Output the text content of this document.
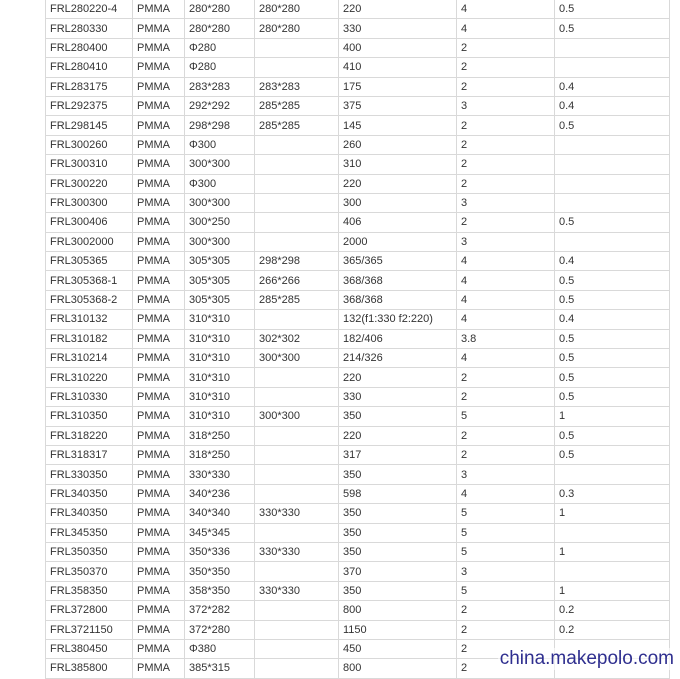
FRL280220-4	PMMA	280*280	280*280	220	4	0.5
FRL280330	PMMA	280*280	280*280	330	4	0.5
FRL280400	PMMA	Φ280		400	2	
FRL280410	PMMA	Φ280		410	2	
FRL283175	PMMA	283*283	283*283	175	2	0.4
FRL292375	PMMA	292*292	285*285	375	3	0.4
FRL298145	PMMA	298*298	285*285	145	2	0.5
FRL300260	PMMA	Φ300		260	2	
FRL300310	PMMA	300*300		310	2	
FRL300220	PMMA	Φ300		220	2	
FRL300300	PMMA	300*300		300	3	
FRL300406	PMMA	300*250		406	2	0.5
FRL3002000	PMMA	300*300		2000	3	
FRL305365	PMMA	305*305	298*298	365/365	4	0.4
FRL305368-1	PMMA	305*305	266*266	368/368	4	0.5
FRL305368-2	PMMA	305*305	285*285	368/368	4	0.5
FRL310132	PMMA	310*310		132(f1:330 f2:220)	4	0.4
FRL310182	PMMA	310*310	302*302	182/406	3.8	0.5
FRL310214	PMMA	310*310	300*300	214/326	4	0.5
FRL310220	PMMA	310*310		220	2	0.5
FRL310330	PMMA	310*310		330	2	0.5
FRL310350	PMMA	310*310	300*300	350	5	1
FRL318220	PMMA	318*250		220	2	0.5
FRL318317	PMMA	318*250		317	2	0.5
FRL330350	PMMA	330*330		350	3	
FRL340350	PMMA	340*236		598	4	0.3
FRL340350	PMMA	340*340	330*330	350	5	1
FRL345350	PMMA	345*345		350	5	
FRL350350	PMMA	350*336	330*330	350	5	1
FRL350370	PMMA	350*350		370	3	
FRL358350	PMMA	358*350	330*330	350	5	1
FRL372800	PMMA	372*282		800	2	0.2
FRL3721150	PMMA	372*280		1150	2	0.2
FRL380450	PMMA	Φ380		450	2	
FRL385800	PMMA	385*315		800	2	china.makepolo.com
